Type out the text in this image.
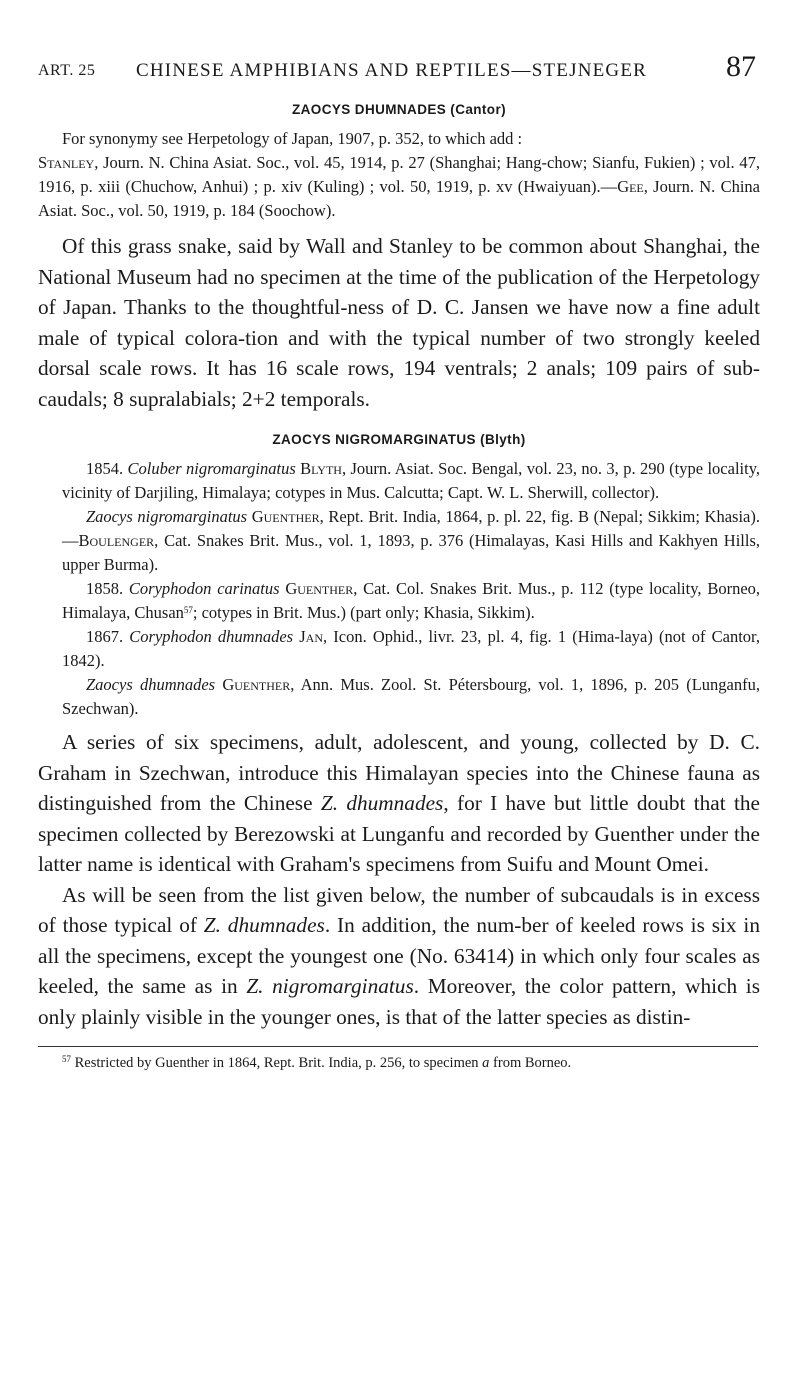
ART. 25 CHINESE AMPHIBIANS AND REPTILES—STEJNEGER	87
ZAOCYS DHUMNADES (Cantor)

For synonymy see Herpetology of Japan, 1907, p. 352, to which add :
Stanley, Journ. N. China Asiat. Soc., vol. 45, 1914, p. 27 (Shanghai; Hang-chow; Sianfu, Fukien) ; vol. 47, 1916, p. xiii (Chuchow, Anhui) ; p. xiv (Kuling) ; vol. 50, 1919, p. xv (Hwaiyuan).—Gee, Journ. N. China Asiat. Soc., vol. 50, 1919, p. 184 (Soochow).

Of this grass snake, said by Wall and Stanley to be common about Shanghai, the National Museum had no specimen at the time of the publication of the Herpetology of Japan. Thanks to the thoughtful-ness of D. C. Jansen we have now a fine adult male of typical colora-tion and with the typical number of two strongly keeled dorsal scale rows. It has 16 scale rows, 194 ventrals; 2 anals; 109 pairs of sub-caudals; 8 supralabials; 2+2 temporals.

ZAOCYS NIGROMARGINATUS (Blyth)

1854. Coluber nigromarginatus Blyth, Journ. Asiat. Soc. Bengal, vol. 23, no. 3, p. 290 (type locality, vicinity of Darjiling, Himalaya; cotypes in Mus. Calcutta; Capt. W. L. Sherwill, collector).

Zaocys nigromarginatus Guenther, Rept. Brit. India, 1864, p. pl. 22, fig. B (Nepal; Sikkim; Khasia).—Boulenger, Cat. Snakes Brit. Mus., vol. 1, 1893, p. 376 (Himalayas, Kasi Hills and Kakhyen Hills, upper Burma).

1858. Coryphodon carinatus Guenther, Cat. Col. Snakes Brit. Mus., p. 112 (type locality, Borneo, Himalaya, Chusan$^{57}$; cotypes in Brit. Mus.) (part only; Khasia, Sikkim).

1867. Coryphodon dhumnades Jan, Icon. Ophid., livr. 23, pl. 4, fig. 1 (Hima-laya) (not of Cantor, 1842).

Zaocys dhumnades Guenther, Ann. Mus. Zool. St. Pétersbourg, vol. 1, 1896, p. 205 (Lunganfu, Szechwan).

A series of six specimens, adult, adolescent, and young, collected by D. C. Graham in Szechwan, introduce this Himalayan species into the Chinese fauna as distinguished from the Chinese Z. dhumnades, for I have but little doubt that the specimen collected by Berezowski at Lunganfu and recorded by Guenther under the latter name is identical with Graham's specimens from Suifu and Mount Omei.

As will be seen from the list given below, the number of subcaudals is in excess of those typical of Z. dhumnades. In addition, the num-ber of keeled rows is six in all the specimens, except the youngest one (No. 63414) in which only four scales as keeled, the same as in Z. nigromarginatus. Moreover, the color pattern, which is only plainly visible in the younger ones, is that of the latter species as distin-

$^{57}$ Restricted by Guenther in 1864, Rept. Brit. India, p. 256, to specimen a from Borneo.
